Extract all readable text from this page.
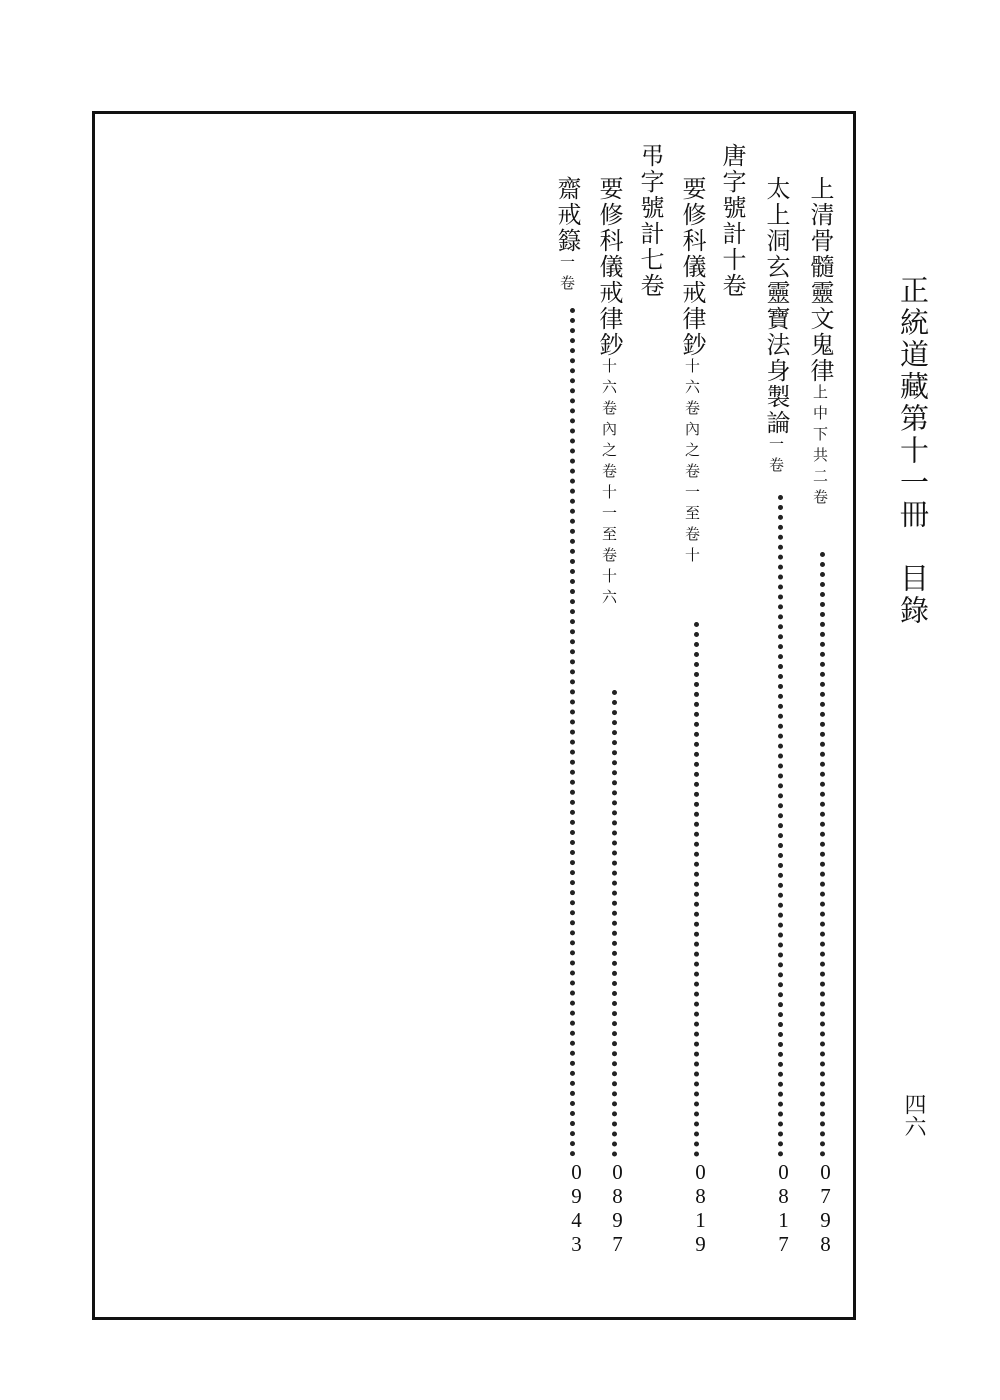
正統道藏第十一冊　目錄
四六
上清骨髓靈文鬼律上中下共二卷
0798
太上洞玄靈寶法身製論一卷
0817
唐字號計十卷
要修科儀戒律鈔十六卷內之卷一至卷十
0819
弔字號計七卷
要修科儀戒律鈔十六卷內之卷十一至卷十六
0897
齋戒籙一卷
0943
